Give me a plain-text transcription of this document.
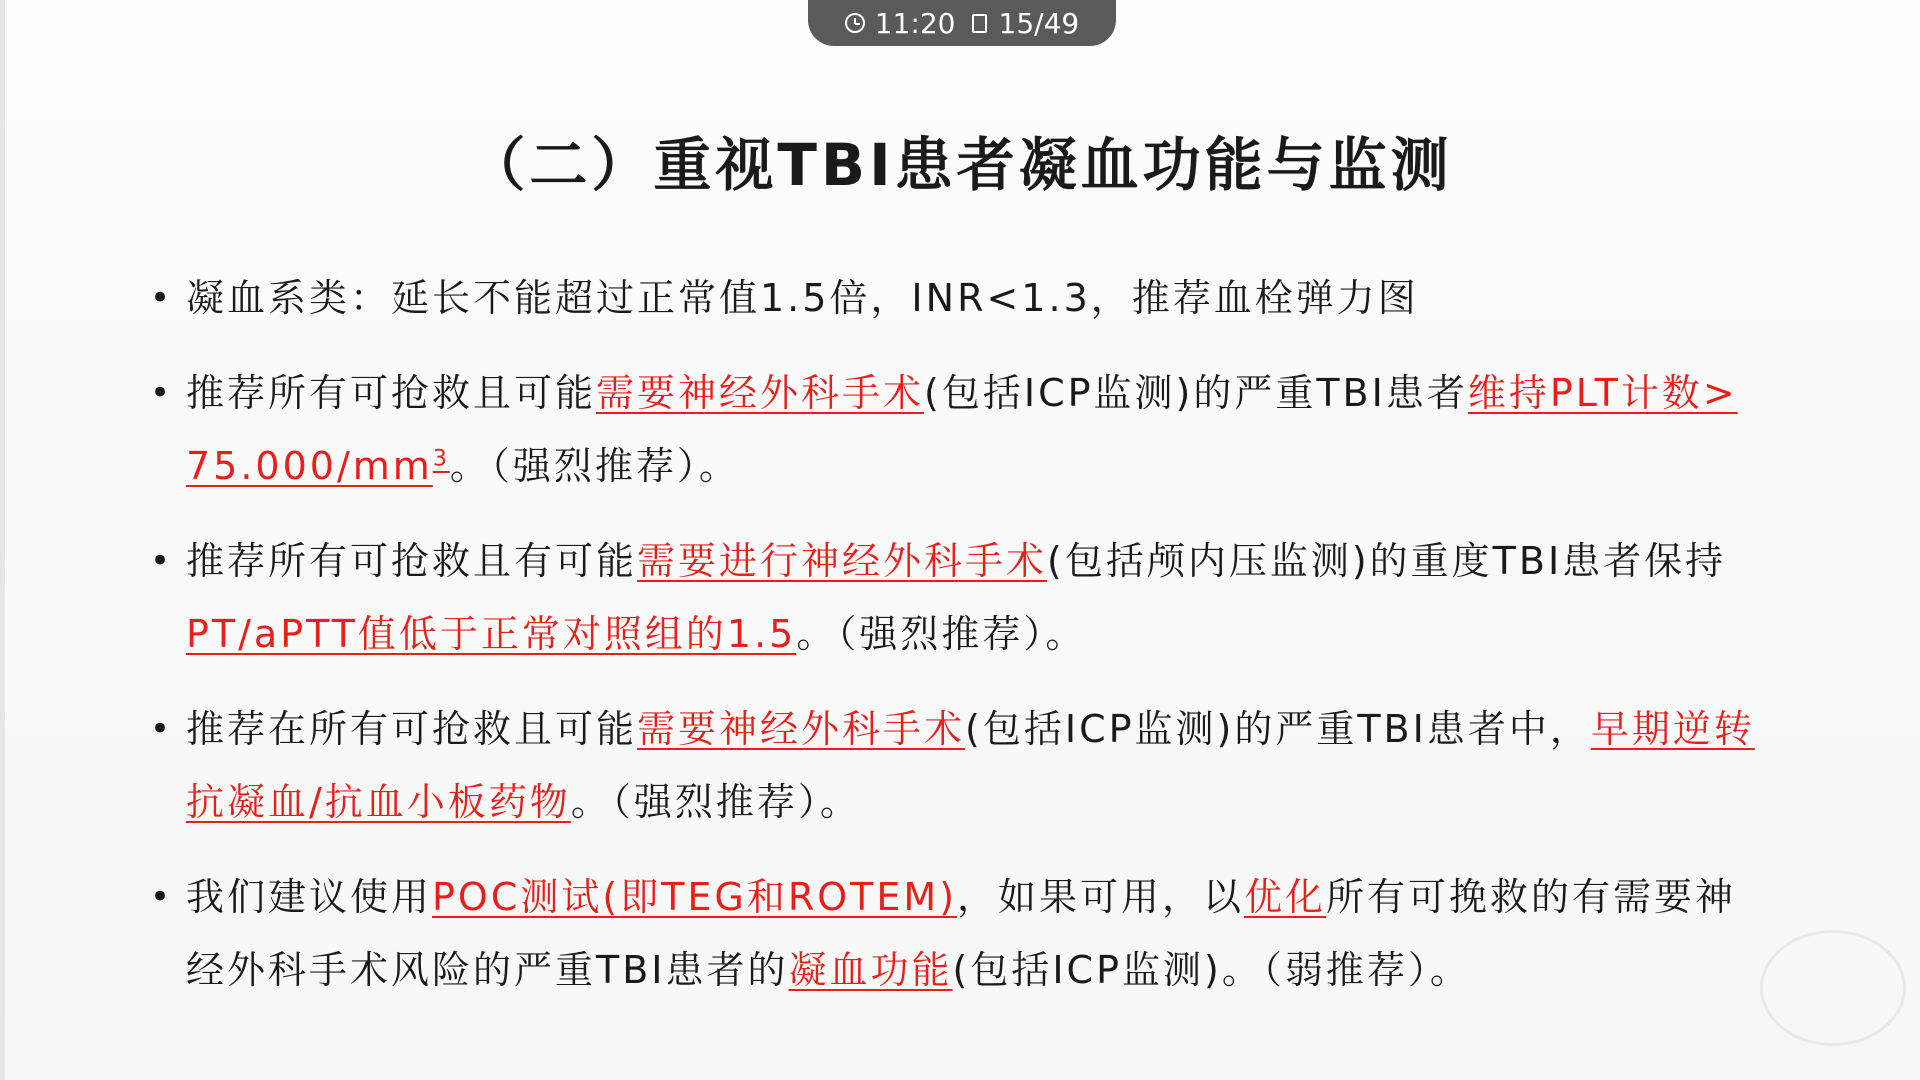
11:20 15/49
（二）重视TBI患者凝血功能与监测
• 凝血系类：延长不能超过正常值1.5倍，INR<1.3，推荐血栓弹力图
• 推荐所有可抢救且可能需要神经外科手术(包括ICP监测)的严重TBI患者维持PLT计数> $75.000/mm^3$。（强烈推荐）。
• 推荐所有可抢救且有可能需要进行神经外科手术(包括颅内压监测)的重度TBI患者保持PT/aPTT值低于正常对照组的1.5。（强烈推荐）。
• 推荐在所有可抢救且可能需要神经外科手术(包括ICP监测)的严重TBI患者中，早期逆转抗凝血/抗血小板药物。（强烈推荐）。
• 我们建议使用POC测试(即TEG和ROTEM)，如果可用，以优化所有可挽救的有需要神经外科手术风险的严重TBI患者的凝血功能(包括ICP监测)。（弱推荐）。
